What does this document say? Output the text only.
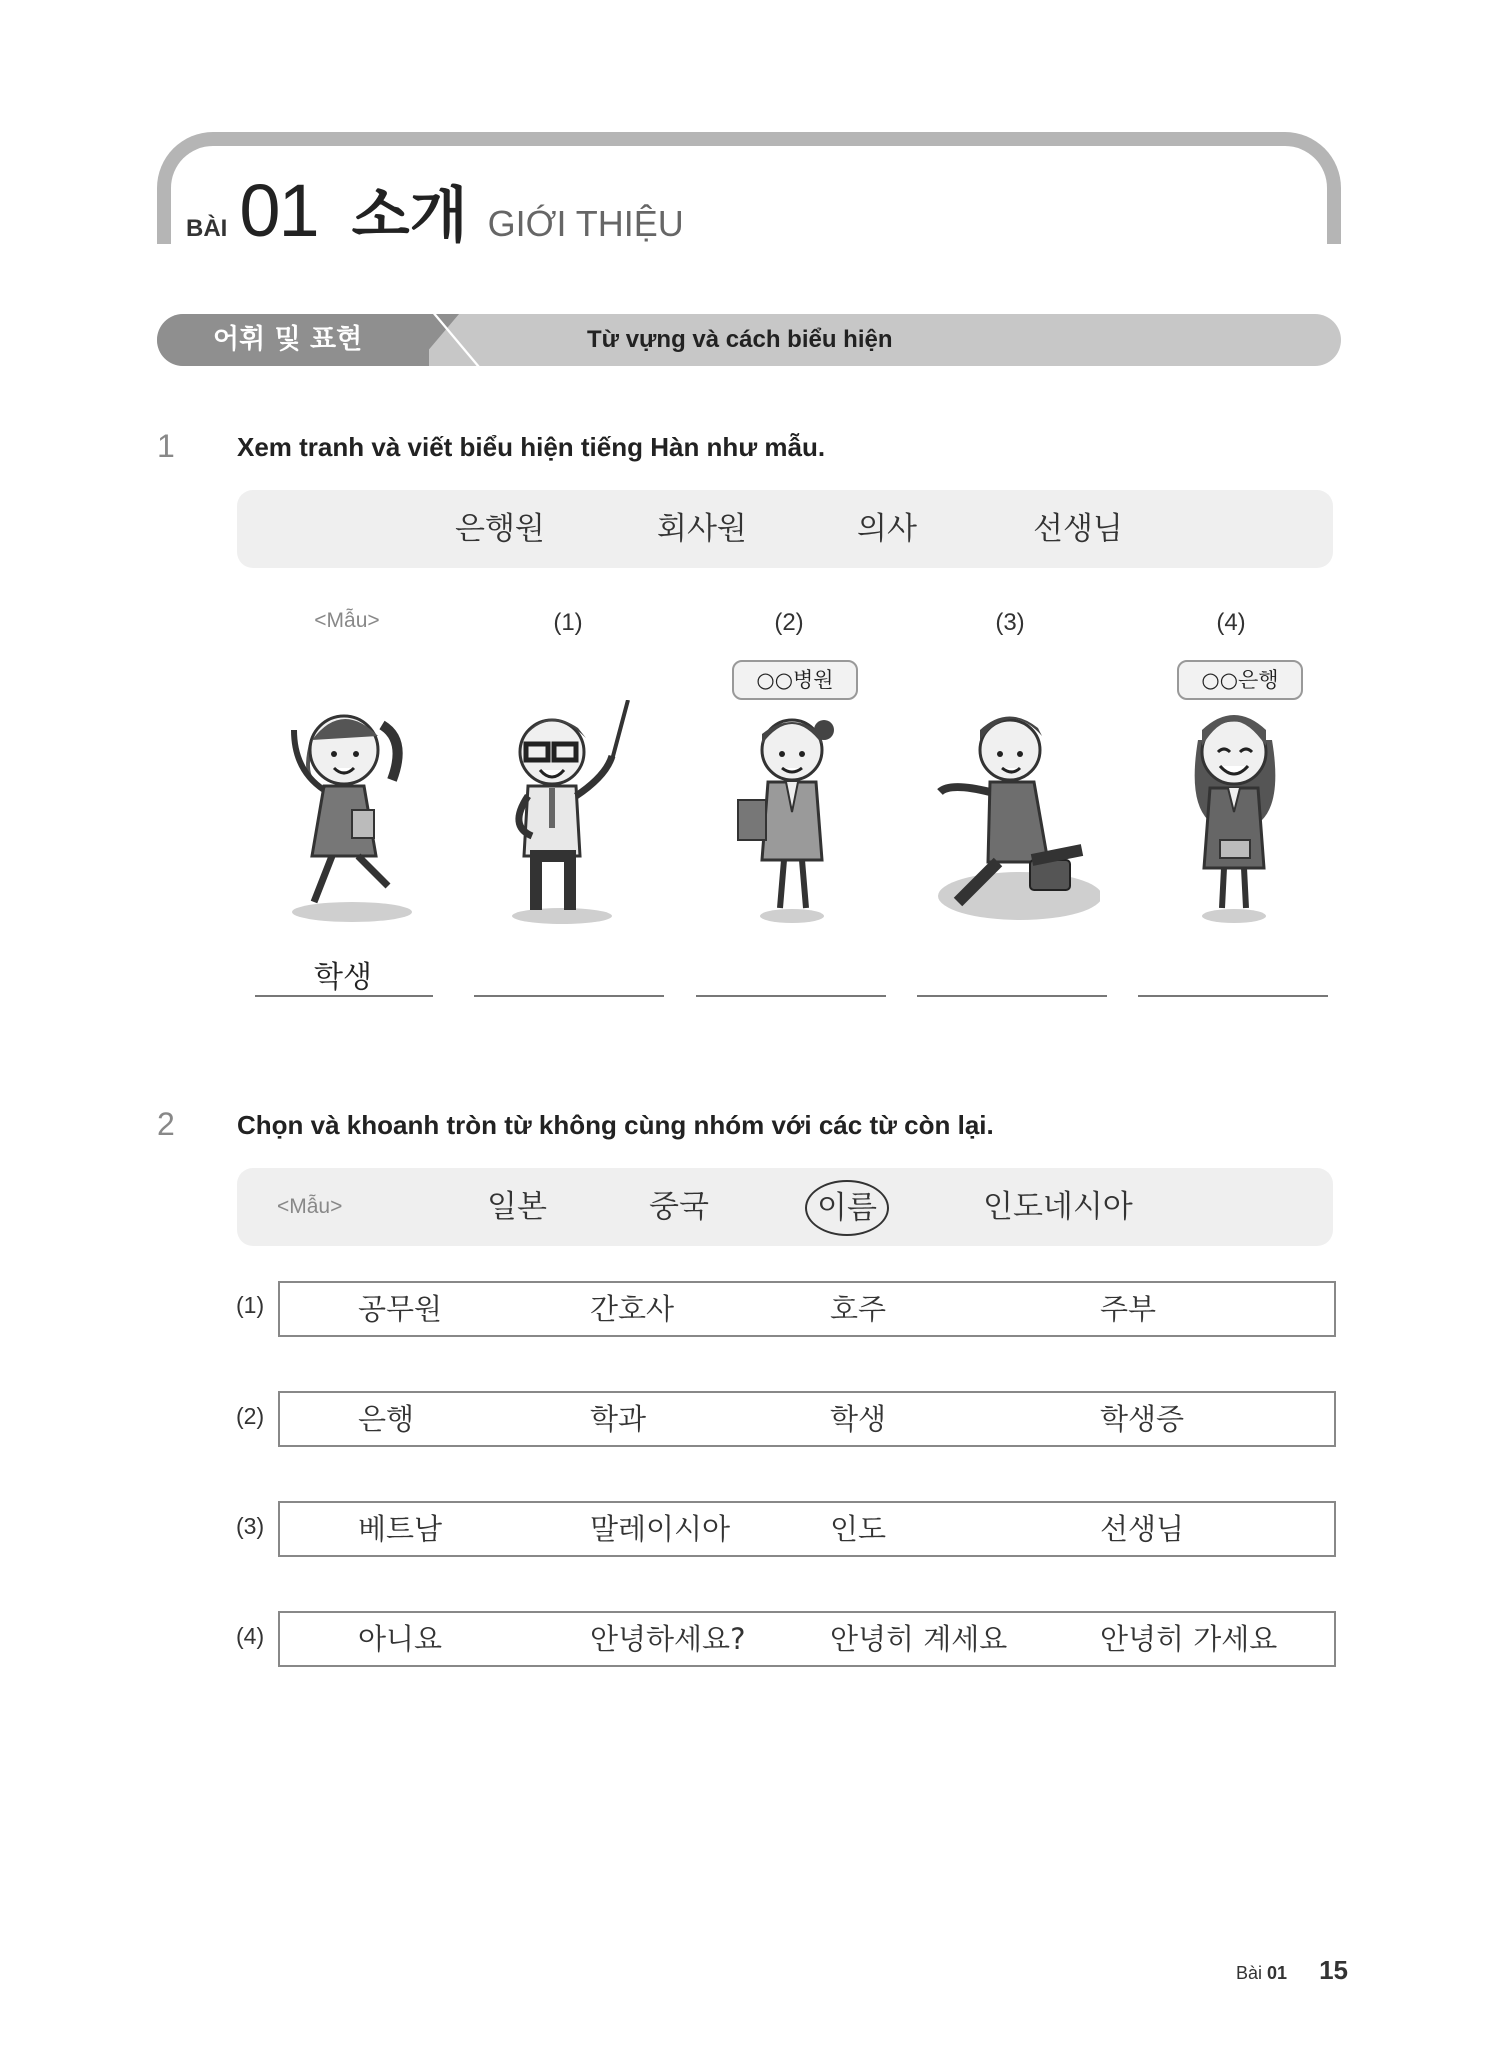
BÀI 01 소개 GIỚI THIỆU
어휘 및 표현	Từ vựng và cách biểu hiện
1 Xem tranh và viết biểu hiện tiếng Hàn như mẫu.
은행원	회사원	의사	선생님
<Mẫu>	(1)	(2)	(3)	(4)
○○병원	○○은행
학생
2 Chọn và khoanh tròn từ không cùng nhóm với các từ còn lại.
<Mẫu>	일본	중국	이름	인도네시아
(1)	공무원	간호사	호주	주부
(2)	은행	학과	학생	학생증
(3)	베트남	말레이시아	인도	선생님
(4)	아니요	안녕하세요?	안녕히 계세요	안녕히 가세요
Bài 01 15
